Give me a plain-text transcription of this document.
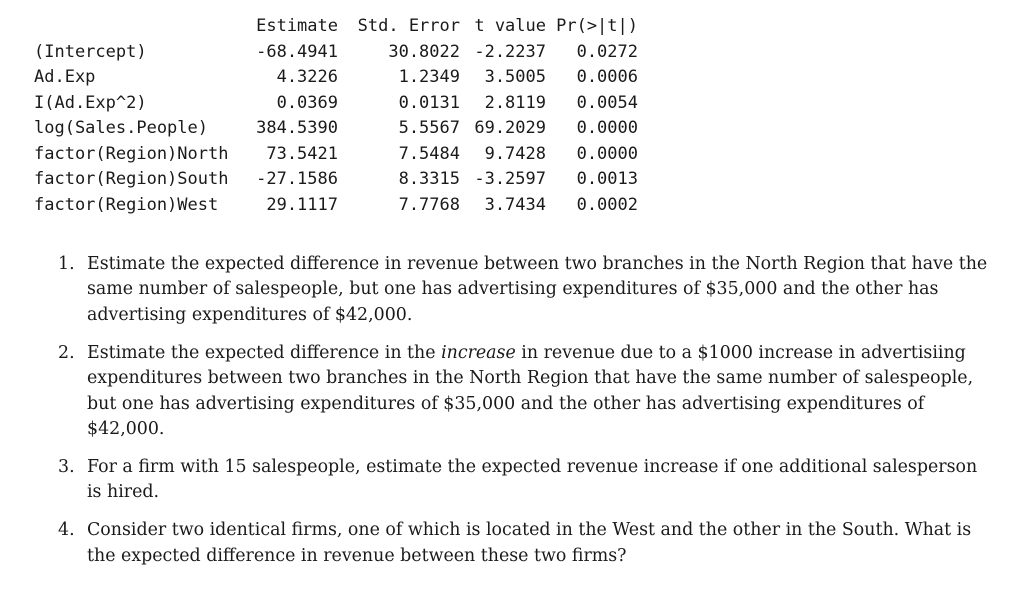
	Estimate	Std. Error	t value	Pr(>|t|)
(Intercept)	-68.4941	30.8022	-2.2237	0.0272
Ad.Exp	4.3226	1.2349	3.5005	0.0006
I(Ad.Exp^2)	0.0369	0.0131	2.8119	0.0054
log(Sales.People)	384.5390	5.5567	69.2029	0.0000
factor(Region)North	73.5421	7.5484	9.7428	0.0000
factor(Region)South	-27.1586	8.3315	-3.2597	0.0013
factor(Region)West	29.1117	7.7768	3.7434	0.0002
1. Estimate the expected difference in revenue between two branches in the North Region that have the same number of salespeople, but one has advertising expenditures of $35,000 and the other has advertising expenditures of $42,000.
2. Estimate the expected difference in the increase in revenue due to a $1000 increase in advertisiing expenditures between two branches in the North Region that have the same number of salespeople, but one has advertising expenditures of $35,000 and the other has advertising expenditures of $42,000.
3. For a firm with 15 salespeople, estimate the expected revenue increase if one additional salesperson is hired.
4. Consider two identical firms, one of which is located in the West and the other in the South. What is the expected difference in revenue between these two firms?
